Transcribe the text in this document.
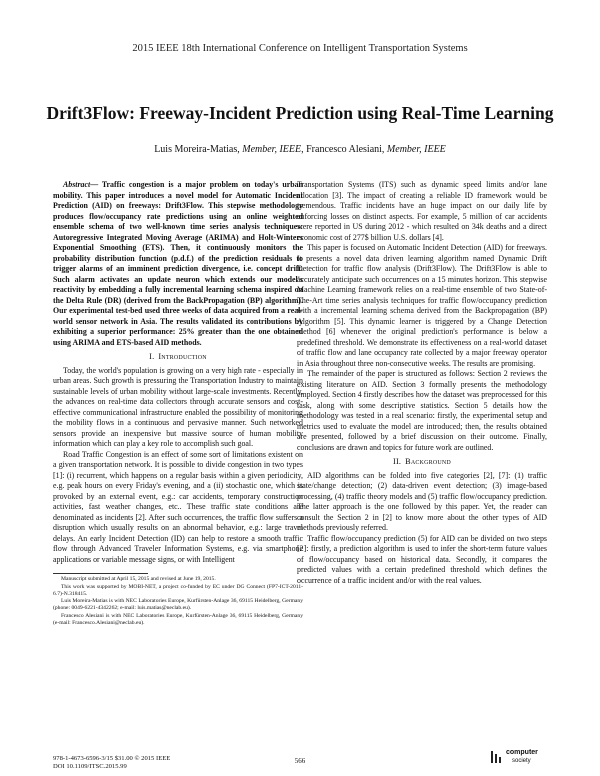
2015 IEEE 18th International Conference on Intelligent Transportation Systems
Drift3Flow: Freeway-Incident Prediction using Real-Time Learning
Luis Moreira-Matias, Member, IEEE, Francesco Alesiani, Member, IEEE

Abstract— Traffic congestion is a major problem on today's urban mobility. This paper introduces a novel model for Automatic Incident Prediction (AID) on freeways: Drift3Flow. This stepwise methodology produces flow/occupancy rate predictions using an online weighted ensemble schema of two well-known time series analysis techniques: Autoregressive Integrated Moving Average (ARIMA) and Holt-Winters Exponential Smoothing (ETS). Then, it continuously monitors the probability distribution function (p.d.f.) of the prediction residuals to trigger alarms of an imminent prediction divergence, i.e. concept drift. Such alarm activates an update neuron which extends our model's reactivity by embedding a fully incremental learning schema inspired on the Delta Rule (DR) (derived from the BackPropagation (BP) algorithm). Our experimental test-bed used three weeks of data acquired from a real-world sensor network in Asia. The results validated its contributions by exhibiting a superior performance: 25% greater than the one obtained using ARIMA and ETS-based AID methods.

I. Introduction

Today, the world's population is growing on a very high rate - especially in urban areas. Such growth is pressuring the Transportation Industry to maintain sustainable levels of urban mobility without large-scale investments. Recently, the advances on real-time data collectors through accurate sensors and cost-effective communicational infrastructure enabled the possibility of monitoring the mobility flows in a continuous and pervasive manner. Such networked sensors provide an inexpensive but massive source of human mobility information which can play a key role to accomplish such goal.

Road Traffic Congestion is an effect of some sort of limitations existent on a given transportation network. It is possible to divide congestion in two types [1]: (i) recurrent, which happens on a regular basis within a given periodicity, e.g. peak hours on every Friday's evening, and a (ii) stochastic one, which is provoked by an external event, e.g.: car accidents, temporary construction activities, fast weather changes, etc.. These traffic state conditions are denominated as incidents [2]. After such occurrences, the traffic flow suffers a disruption which usually results on an abnormal behavior, e.g.: large travel delays. An early Incident Detection (ID) can help to restore a smooth traffic flow through Advanced Traveler Information Systems, e.g. via smartphone applications or variable message signs, or with Intelligent

Manuscript submitted at April 15, 2015 and revised at June 19, 2015.

This work was supported by MOBI-NET, a project co-funded by EC under DG Connect (FP7-ICT-2011-6.7)-N.318415.

Luis Moreira-Matias is with NEC Laboratories Europe, Kurfürsten-Anlage 36, 69115 Heidelberg, Germany (phone: 0049-6221-4342262; e-mail: luis.matias@neclab.eu).

Francesco Alesiani is with NEC Laboratories Europe, Kurfürsten-Anlage 36, 69115 Heidelberg, Germany (e-mail: Francesco.Alesiani@neclab.eu).

Transportation Systems (ITS) such as dynamic speed limits and/or lane allocation [3]. The impact of creating a reliable ID framework would be tremendous. Traffic incidents have an huge impact on our daily life by enforcing losses on distinct aspects. For example, 5 million of car accidents were reported in US during 2012 - which resulted on 34k deaths and a direct economic cost of 277$ billion U.S. dollars [4].

This paper is focused on Automatic Incident Detection (AID) for freeways. It presents a novel data driven learning algorithm named Dynamic Drift Detection for traffic flow analysis (Drift3Flow). The Drift3Flow is able to accurately anticipate such occurrences on a 15 minutes horizon. This stepwise Machine Learning framework relies on a real-time ensemble of two State-of-The-Art time series analysis techniques for traffic flow/occupancy prediction with a incremental learning schema derived from the Backpropagation (BP) Algorithm [5]. This dynamic learner is triggered by a Change Detection method [6] whenever the original prediction's performance is below a predefined threshold. We demonstrate its effectiveness on a real-world dataset of traffic flow and lane occupancy rate collected by a major freeway operator in Asia throughout three non-consecutive weeks. The results are promising.

The remainder of the paper is structured as follows: Section 2 reviews the existing literature on AID. Section 3 formally presents the methodology employed. Section 4 firstly describes how the dataset was preprocessed for this task, along with some descriptive statistics. Section 5 details how the methodology was tested in a real scenario: firstly, the experimental setup and metrics used to evaluate the model are introduced; then, the results obtained are presented, followed by a brief discussion on their outcome. Finally, conclusions are drawn and topics for future work are outlined.

II. Background

AID algorithms can be folded into five categories [2], [7]: (1) traffic state/change detection; (2) data-driven event detection; (3) image-based processing, (4) traffic theory models and (5) traffic flow/occupancy prediction. The latter approach is the one followed by this paper. Yet, the reader can consult the Section 2 in [2] to know more about the other types of AID methods previously referred.

Traffic flow/occupancy prediction (5) for AID can be divided on two steps [2]: firstly, a prediction algorithm is used to infer the short-term future values of flow/occupancy based on historical data. Secondly, it compares the predicted values with a certain predefined threshold which defines the occurrence of a traffic incident and/or with the real values.

978-1-4673-6596-3/15 $31.00 © 2015 IEEE
DOI 10.1109/ITSC.2015.99
566
computer
society
